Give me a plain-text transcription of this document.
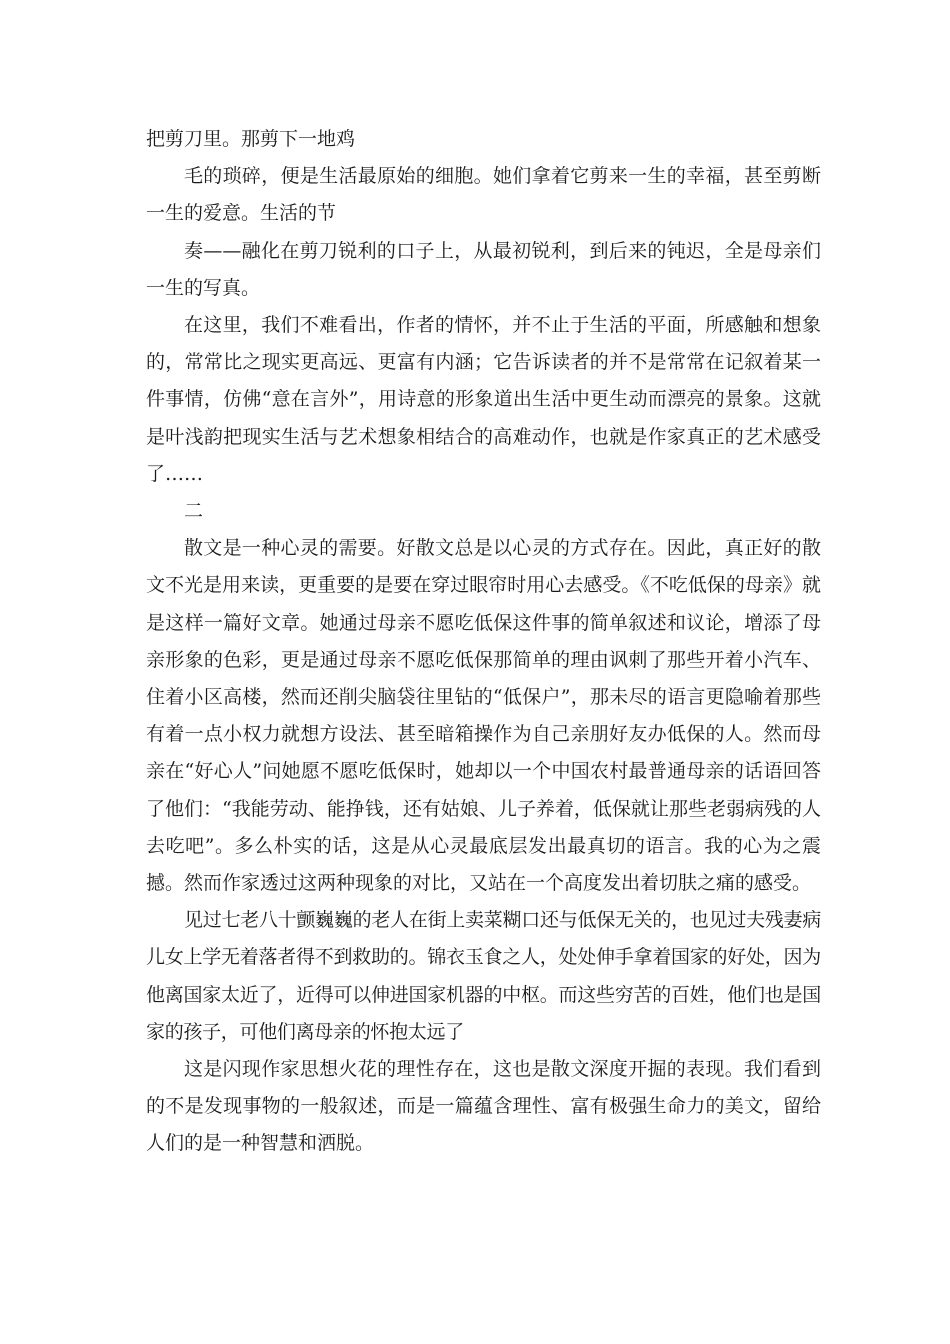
把剪刀里。那剪下一地鸡

毛的琐碎，便是生活最原始的细胞。她们拿着它剪来一生的幸福，甚至剪断一生的爱意。生活的节

奏——融化在剪刀锐利的口子上，从最初锐利，到后来的钝迟，全是母亲们一生的写真。

在这里，我们不难看出，作者的情怀，并不止于生活的平面，所感触和想象的，常常比之现实更高远、更富有内涵；它告诉读者的并不是常常在记叙着某一件事情，仿佛“意在言外”，用诗意的形象道出生活中更生动而漂亮的景象。这就是叶浅韵把现实生活与艺术想象相结合的高难动作，也就是作家真正的艺术感受了……

二

散文是一种心灵的需要。好散文总是以心灵的方式存在。因此，真正好的散文不光是用来读，更重要的是要在穿过眼帘时用心去感受。《不吃低保的母亲》就是这样一篇好文章。她通过母亲不愿吃低保这件事的简单叙述和议论，增添了母亲形象的色彩，更是通过母亲不愿吃低保那简单的理由讽刺了那些开着小汽车、住着小区高楼，然而还削尖脑袋往里钻的“低保户”，那未尽的语言更隐喻着那些有着一点小权力就想方设法、甚至暗箱操作为自己亲朋好友办低保的人。然而母亲在“好心人”问她愿不愿吃低保时，她却以一个中国农村最普通母亲的话语回答了他们：“我能劳动、能挣钱，还有姑娘、儿子养着，低保就让那些老弱病残的人去吃吧”。多么朴实的话，这是从心灵最底层发出最真切的语言。我的心为之震撼。然而作家透过这两种现象的对比，又站在一个高度发出着切肤之痛的感受。

见过七老八十颤巍巍的老人在街上卖菜糊口还与低保无关的，也见过夫残妻病儿女上学无着落者得不到救助的。锦衣玉食之人，处处伸手拿着国家的好处，因为他离国家太近了，近得可以伸进国家机器的中枢。而这些穷苦的百姓，他们也是国家的孩子，可他们离母亲的怀抱太远了

这是闪现作家思想火花的理性存在，这也是散文深度开掘的表现。我们看到的不是发现事物的一般叙述，而是一篇蕴含理性、富有极强生命力的美文，留给人们的是一种智慧和洒脱。
